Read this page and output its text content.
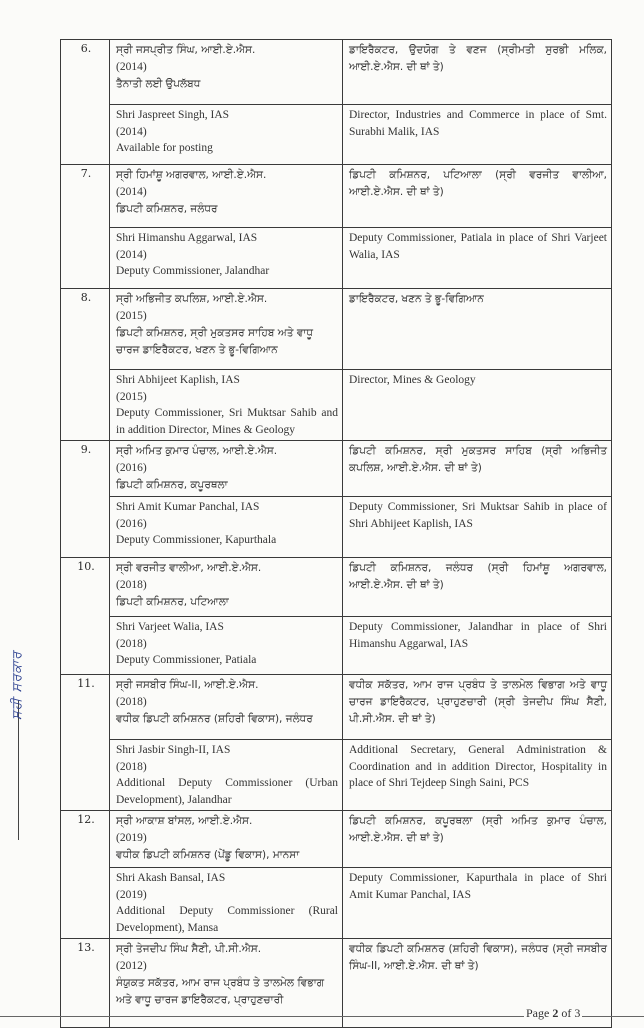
ਸਹੀ ਸਰਕਾਰ
6.	ਸ੍ਰੀ ਜਸਪ੍ਰੀਤ ਸਿੰਘ, ਆਈ.ਏ.ਐਸ.
(2014)
ਤੈਨਾਤੀ ਲਈ ਉਪਲੱਬਧ	ਡਾਇਰੈਕਟਰ, ਉਦਯੋਗ ਤੇ ਵਣਜ (ਸ੍ਰੀਮਤੀ ਸੁਰਭੀ ਮਲਿਕ, ਆਈ.ਏ.ਐਸ. ਦੀ ਥਾਂ ਤੇ)

	Shri Jaspreet Singh, IAS
(2014)
Available for posting	Director, Industries and Commerce in place of Smt. Surabhi Malik, IAS

7.	ਸ੍ਰੀ ਹਿਮਾਂਸ਼ੂ ਅਗਰਵਾਲ, ਆਈ.ਏ.ਐਸ.
(2014)
ਡਿਪਟੀ ਕਮਿਸ਼ਨਰ, ਜਲੰਧਰ	ਡਿਪਟੀ ਕਮਿਸ਼ਨਰ, ਪਟਿਆਲਾ (ਸ੍ਰੀ ਵਰਜੀਤ ਵਾਲੀਆ, ਆਈ.ਏ.ਐਸ. ਦੀ ਥਾਂ ਤੇ)

	Shri Himanshu Aggarwal, IAS
(2014)
Deputy Commissioner, Jalandhar	Deputy Commissioner, Patiala in place of Shri Varjeet Walia, IAS

8.	ਸ੍ਰੀ ਅਭਿਜੀਤ ਕਪਲਿਸ਼, ਆਈ.ਏ.ਐਸ.
(2015)
ਡਿਪਟੀ ਕਮਿਸ਼ਨਰ, ਸ੍ਰੀ ਮੁਕਤਸਰ ਸਾਹਿਬ ਅਤੇ ਵਾਧੂ ਚਾਰਜ ਡਾਇਰੈਕਟਰ, ਖਣਨ ਤੇ ਭੂ-ਵਿਗਿਆਨ	ਡਾਇਰੈਕਟਰ, ਖਣਨ ਤੇ ਭੂ-ਵਿਗਿਆਨ

	Shri Abhijeet Kaplish, IAS
(2015)
Deputy Commissioner, Sri Muktsar Sahib and in addition Director, Mines & Geology	Director, Mines & Geology

9.	ਸ੍ਰੀ ਅਮਿਤ ਕੁਮਾਰ ਪੰਚਾਲ, ਆਈ.ਏ.ਐਸ.
(2016)
ਡਿਪਟੀ ਕਮਿਸ਼ਨਰ, ਕਪੂਰਥਲਾ	ਡਿਪਟੀ ਕਮਿਸ਼ਨਰ, ਸ੍ਰੀ ਮੁਕਤਸਰ ਸਾਹਿਬ (ਸ੍ਰੀ ਅਭਿਜੀਤ ਕਪਲਿਸ਼, ਆਈ.ਏ.ਐਸ. ਦੀ ਥਾਂ ਤੇ)

	Shri Amit Kumar Panchal, IAS
(2016)
Deputy Commissioner, Kapurthala	Deputy Commissioner, Sri Muktsar Sahib in place of Shri Abhijeet Kaplish, IAS

10.	ਸ੍ਰੀ ਵਰਜੀਤ ਵਾਲੀਆ, ਆਈ.ਏ.ਐਸ.
(2018)
ਡਿਪਟੀ ਕਮਿਸ਼ਨਰ, ਪਟਿਆਲਾ	ਡਿਪਟੀ ਕਮਿਸ਼ਨਰ, ਜਲੰਧਰ (ਸ੍ਰੀ ਹਿਮਾਂਸ਼ੂ ਅਗਰਵਾਲ, ਆਈ.ਏ.ਐਸ. ਦੀ ਥਾਂ ਤੇ)

	Shri Varjeet Walia, IAS
(2018)
Deputy Commissioner, Patiala	Deputy Commissioner, Jalandhar in place of Shri Himanshu Aggarwal, IAS

11.	ਸ੍ਰੀ ਜਸਬੀਰ ਸਿੰਘ-II, ਆਈ.ਏ.ਐਸ.
(2018)
ਵਧੀਕ ਡਿਪਟੀ ਕਮਿਸ਼ਨਰ (ਸ਼ਹਿਰੀ ਵਿਕਾਸ), ਜਲੰਧਰ	ਵਧੀਕ ਸਕੱਤਰ, ਆਮ ਰਾਜ ਪ੍ਰਬੰਧ ਤੇ ਤਾਲਮੇਲ ਵਿਭਾਗ ਅਤੇ ਵਾਧੂ ਚਾਰਜ ਡਾਇਰੈਕਟਰ, ਪ੍ਰਾਹੁਣਚਾਰੀ (ਸ੍ਰੀ ਤੇਜਦੀਪ ਸਿੰਘ ਸੈਣੀ, ਪੀ.ਸੀ.ਐਸ. ਦੀ ਥਾਂ ਤੇ)

	Shri Jasbir Singh-II, IAS
(2018)
Additional Deputy Commissioner (Urban Development), Jalandhar	Additional Secretary, General Administration & Coordination and in addition Director, Hospitality in place of Shri Tejdeep Singh Saini, PCS

12.	ਸ੍ਰੀ ਆਕਾਸ਼ ਬਾਂਸਲ, ਆਈ.ਏ.ਐਸ.
(2019)
ਵਧੀਕ ਡਿਪਟੀ ਕਮਿਸ਼ਨਰ (ਪੇਂਡੂ ਵਿਕਾਸ), ਮਾਨਸਾ	ਡਿਪਟੀ ਕਮਿਸ਼ਨਰ, ਕਪੂਰਥਲਾ (ਸ੍ਰੀ ਅਮਿਤ ਕੁਮਾਰ ਪੰਚਾਲ, ਆਈ.ਏ.ਐਸ. ਦੀ ਥਾਂ ਤੇ)

	Shri Akash Bansal, IAS
(2019)
Additional Deputy Commissioner (Rural Development), Mansa	Deputy Commissioner, Kapurthala in place of Shri Amit Kumar Panchal, IAS

13.	ਸ੍ਰੀ ਤੇਜਦੀਪ ਸਿੰਘ ਸੈਣੀ, ਪੀ.ਸੀ.ਐਸ.
(2012)
ਸੰਯੁਕਤ ਸਕੱਤਰ, ਆਮ ਰਾਜ ਪ੍ਰਬੰਧ ਤੇ ਤਾਲਮੇਲ ਵਿਭਾਗ ਅਤੇ ਵਾਧੂ ਚਾਰਜ ਡਾਇਰੈਕਟਰ, ਪ੍ਰਾਹੁਣਚਾਰੀ	ਵਧੀਕ ਡਿਪਟੀ ਕਮਿਸ਼ਨਰ (ਸ਼ਹਿਰੀ ਵਿਕਾਸ), ਜਲੰਧਰ (ਸ੍ਰੀ ਜਸਬੀਰ ਸਿੰਘ-II, ਆਈ.ਏ.ਐਸ. ਦੀ ਥਾਂ ਤੇ)
Page 2 of 3
